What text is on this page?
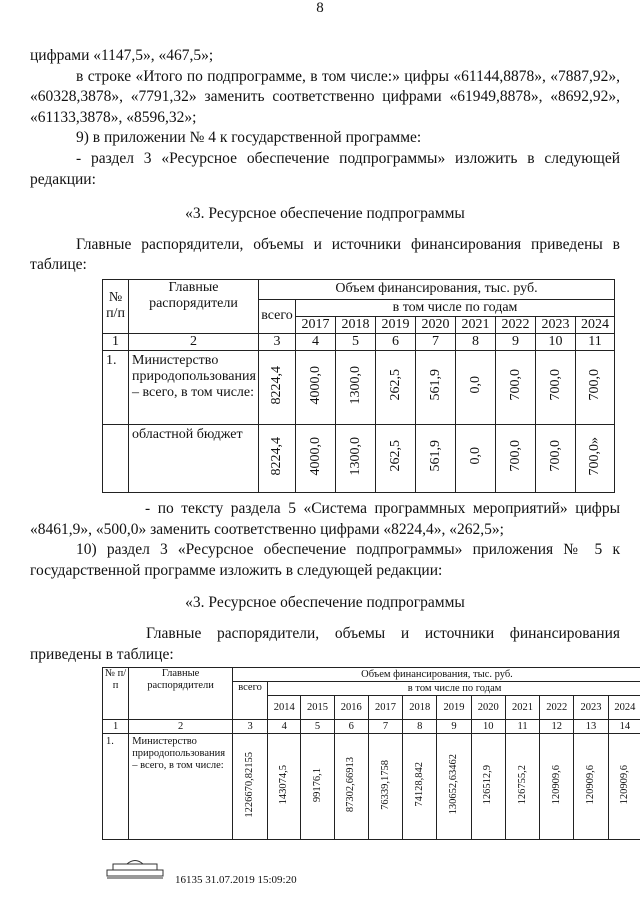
8

цифрами «1147,5», «467,5»;

в строке «Итого по подпрограмме, в том числе:» цифры «61144,8878», «7887,92», «60328,3878», «7791,32» заменить соответственно цифрами «61949,8878», «8692,92», «61133,3878», «8596,32»;

9) в приложении № 4 к государственной программе:

- раздел 3 «Ресурсное обеспечение подпрограммы» изложить в следующей редакции:

«3. Ресурсное обеспечение подпрограммы

Главные распорядители, объемы и источники финансирования приведены в таблице:

№ п/п	Главные распорядители	Объем финансирования, тыс. руб.								
		всего	в том числе по годам							
			2017	2018	2019	2020	2021	2022	2023	2024
1	2	3	4	5	6	7	8	9	10	11
1.	Министерство природопользования – всего, в том числе:	8224,4	4000,0	1300,0	262,5	561,9	0,0	700,0	700,0	700,0
	областной бюджет	8224,4	4000,0	1300,0	262,5	561,9	0,0	700,0	700,0	700,0»

- по тексту раздела 5 «Система программных мероприятий» цифры «8461,9», «500,0» заменить соответственно цифрами «8224,4», «262,5»;

10) раздел 3 «Ресурсное обеспечение подпрограммы» приложения № 5 к государственной программе изложить в следующей редакции:

«3. Ресурсное обеспечение подпрограммы

Главные распорядители, объемы и источники финансирования приведены в таблице:

№ п/п	Главные распорядители	Объем финансирования, тыс. руб.											
		всего	в том числе по годам										
			2014	2015	2016	2017	2018	2019	2020	2021	2022	2023	2024
1	2	3	4	5	6	7	8	9	10	11	12	13	14
1.	Министерство природопользования – всего, в том числе:	1226670,82155	143074,5	99176,1	87302,66913	76339,1758	74128,842	130652,63462	126512,9	126755,2	120909,6	120909,6	120909,6
16135 31.07.2019 15:09:20
